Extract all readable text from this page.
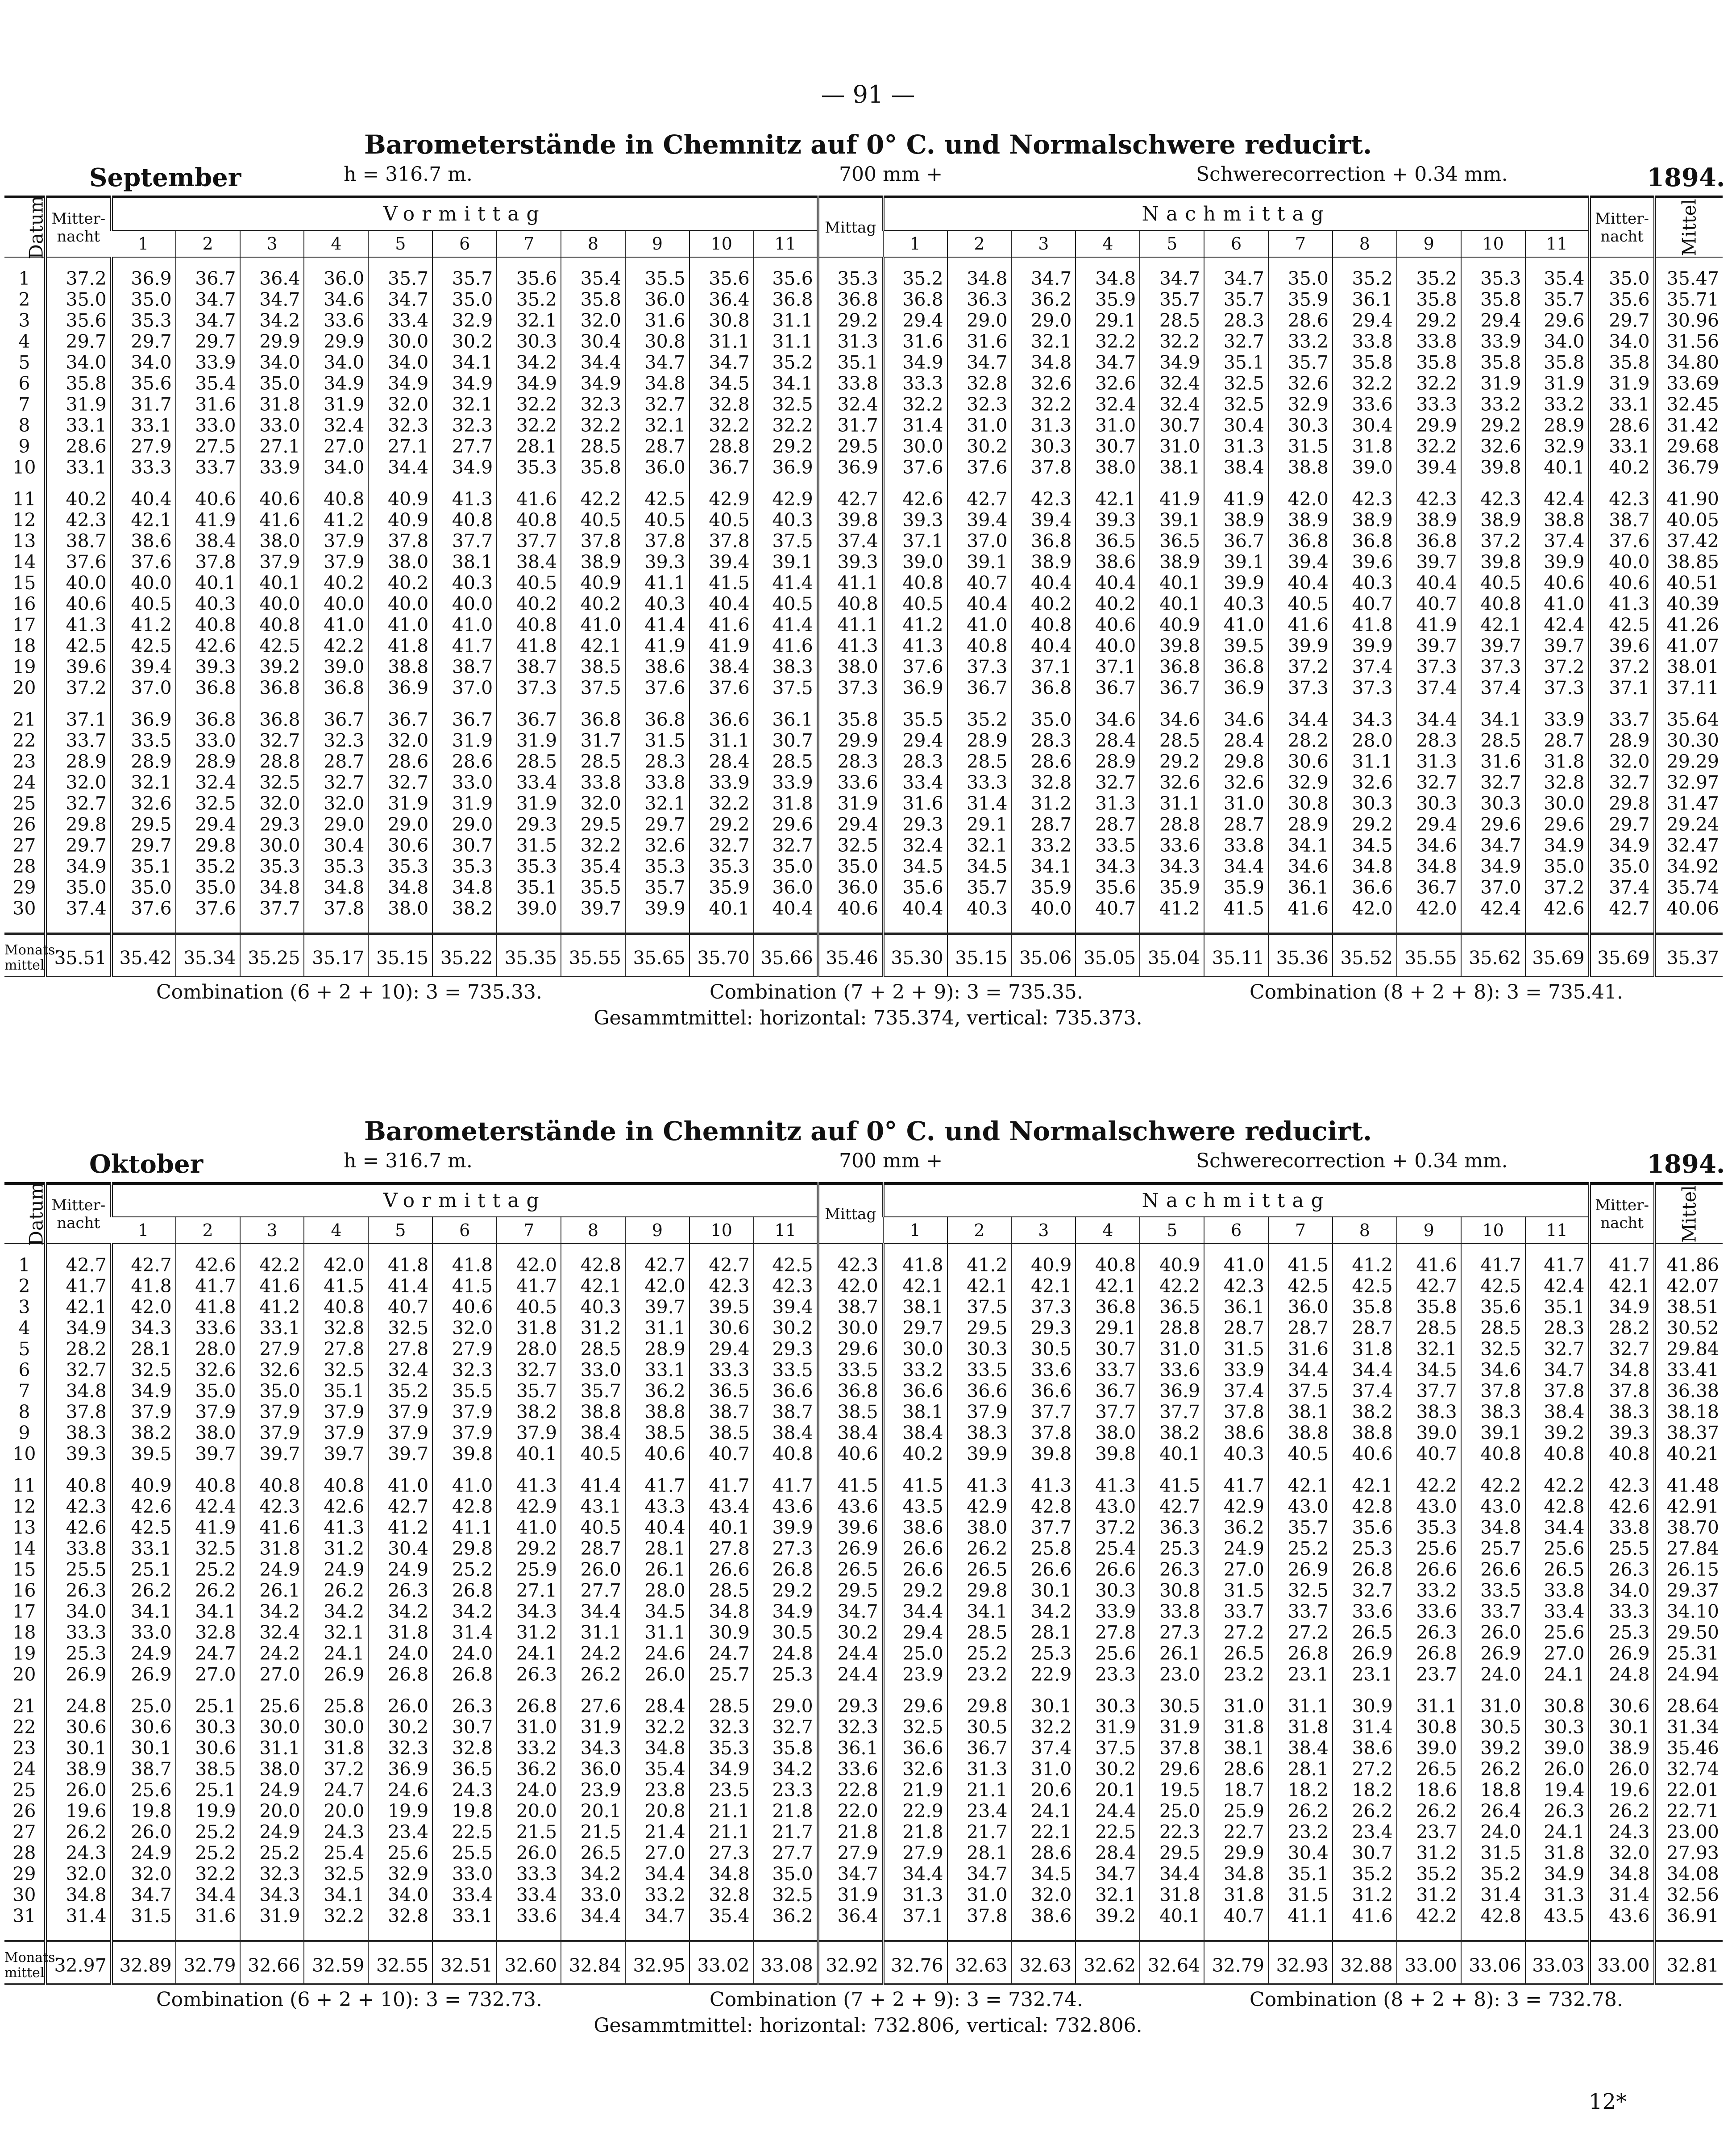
— 91 —
Barometerstände in Chemnitz auf 0° C. und Normalschwere reducirt.
September	h = 316.7 m.	700 mm +	Schwerecorrection + 0.34 mm.	1894.
Datum	Mitter-
nacht	Vormittag											Mittag	Nachmittag											Mitter-
nacht	Mittel
		1	2	3	4	5	6	7	8	9	10	11		1	2	3	4	5	6	7	8	9	10	11		
1	37.2	36.9	36.7	36.4	36.0	35.7	35.7	35.6	35.4	35.5	35.6	35.6	35.3	35.2	34.8	34.7	34.8	34.7	34.7	35.0	35.2	35.2	35.3	35.4	35.0	35.47
2	35.0	35.0	34.7	34.7	34.6	34.7	35.0	35.2	35.8	36.0	36.4	36.8	36.8	36.8	36.3	36.2	35.9	35.7	35.7	35.9	36.1	35.8	35.8	35.7	35.6	35.71
3	35.6	35.3	34.7	34.2	33.6	33.4	32.9	32.1	32.0	31.6	30.8	31.1	29.2	29.4	29.0	29.0	29.1	28.5	28.3	28.6	29.4	29.2	29.4	29.6	29.7	30.96
4	29.7	29.7	29.7	29.9	29.9	30.0	30.2	30.3	30.4	30.8	31.1	31.1	31.3	31.6	31.6	32.1	32.2	32.2	32.7	33.2	33.8	33.8	33.9	34.0	34.0	31.56
5	34.0	34.0	33.9	34.0	34.0	34.0	34.1	34.2	34.4	34.7	34.7	35.2	35.1	34.9	34.7	34.8	34.7	34.9	35.1	35.7	35.8	35.8	35.8	35.8	35.8	34.80
6	35.8	35.6	35.4	35.0	34.9	34.9	34.9	34.9	34.9	34.8	34.5	34.1	33.8	33.3	32.8	32.6	32.6	32.4	32.5	32.6	32.2	32.2	31.9	31.9	31.9	33.69
7	31.9	31.7	31.6	31.8	31.9	32.0	32.1	32.2	32.3	32.7	32.8	32.5	32.4	32.2	32.3	32.2	32.4	32.4	32.5	32.9	33.6	33.3	33.2	33.2	33.1	32.45
8	33.1	33.1	33.0	33.0	32.4	32.3	32.3	32.2	32.2	32.1	32.2	32.2	31.7	31.4	31.0	31.3	31.0	30.7	30.4	30.3	30.4	29.9	29.2	28.9	28.6	31.42
9	28.6	27.9	27.5	27.1	27.0	27.1	27.7	28.1	28.5	28.7	28.8	29.2	29.5	30.0	30.2	30.3	30.7	31.0	31.3	31.5	31.8	32.2	32.6	32.9	33.1	29.68
10	33.1	33.3	33.7	33.9	34.0	34.4	34.9	35.3	35.8	36.0	36.7	36.9	36.9	37.6	37.6	37.8	38.0	38.1	38.4	38.8	39.0	39.4	39.8	40.1	40.2	36.79
11	40.2	40.4	40.6	40.6	40.8	40.9	41.3	41.6	42.2	42.5	42.9	42.9	42.7	42.6	42.7	42.3	42.1	41.9	41.9	42.0	42.3	42.3	42.3	42.4	42.3	41.90
12	42.3	42.1	41.9	41.6	41.2	40.9	40.8	40.8	40.5	40.5	40.5	40.3	39.8	39.3	39.4	39.4	39.3	39.1	38.9	38.9	38.9	38.9	38.9	38.8	38.7	40.05
13	38.7	38.6	38.4	38.0	37.9	37.8	37.7	37.7	37.8	37.8	37.8	37.5	37.4	37.1	37.0	36.8	36.5	36.5	36.7	36.8	36.8	36.8	37.2	37.4	37.6	37.42
14	37.6	37.6	37.8	37.9	37.9	38.0	38.1	38.4	38.9	39.3	39.4	39.1	39.3	39.0	39.1	38.9	38.6	38.9	39.1	39.4	39.6	39.7	39.8	39.9	40.0	38.85
15	40.0	40.0	40.1	40.1	40.2	40.2	40.3	40.5	40.9	41.1	41.5	41.4	41.1	40.8	40.7	40.4	40.4	40.1	39.9	40.4	40.3	40.4	40.5	40.6	40.6	40.51
16	40.6	40.5	40.3	40.0	40.0	40.0	40.0	40.2	40.2	40.3	40.4	40.5	40.8	40.5	40.4	40.2	40.2	40.1	40.3	40.5	40.7	40.7	40.8	41.0	41.3	40.39
17	41.3	41.2	40.8	40.8	41.0	41.0	41.0	40.8	41.0	41.4	41.6	41.4	41.1	41.2	41.0	40.8	40.6	40.9	41.0	41.6	41.8	41.9	42.1	42.4	42.5	41.26
18	42.5	42.5	42.6	42.5	42.2	41.8	41.7	41.8	42.1	41.9	41.9	41.6	41.3	41.3	40.8	40.4	40.0	39.8	39.5	39.9	39.9	39.7	39.7	39.7	39.6	41.07
19	39.6	39.4	39.3	39.2	39.0	38.8	38.7	38.7	38.5	38.6	38.4	38.3	38.0	37.6	37.3	37.1	37.1	36.8	36.8	37.2	37.4	37.3	37.3	37.2	37.2	38.01
20	37.2	37.0	36.8	36.8	36.8	36.9	37.0	37.3	37.5	37.6	37.6	37.5	37.3	36.9	36.7	36.8	36.7	36.7	36.9	37.3	37.3	37.4	37.4	37.3	37.1	37.11
21	37.1	36.9	36.8	36.8	36.7	36.7	36.7	36.7	36.8	36.8	36.6	36.1	35.8	35.5	35.2	35.0	34.6	34.6	34.6	34.4	34.3	34.4	34.1	33.9	33.7	35.64
22	33.7	33.5	33.0	32.7	32.3	32.0	31.9	31.9	31.7	31.5	31.1	30.7	29.9	29.4	28.9	28.3	28.4	28.5	28.4	28.2	28.0	28.3	28.5	28.7	28.9	30.30
23	28.9	28.9	28.9	28.8	28.7	28.6	28.6	28.5	28.5	28.3	28.4	28.5	28.3	28.3	28.5	28.6	28.9	29.2	29.8	30.6	31.1	31.3	31.6	31.8	32.0	29.29
24	32.0	32.1	32.4	32.5	32.7	32.7	33.0	33.4	33.8	33.8	33.9	33.9	33.6	33.4	33.3	32.8	32.7	32.6	32.6	32.9	32.6	32.7	32.7	32.8	32.7	32.97
25	32.7	32.6	32.5	32.0	32.0	31.9	31.9	31.9	32.0	32.1	32.2	31.8	31.9	31.6	31.4	31.2	31.3	31.1	31.0	30.8	30.3	30.3	30.3	30.0	29.8	31.47
26	29.8	29.5	29.4	29.3	29.0	29.0	29.0	29.3	29.5	29.7	29.2	29.6	29.4	29.3	29.1	28.7	28.7	28.8	28.7	28.9	29.2	29.4	29.6	29.6	29.7	29.24
27	29.7	29.7	29.8	30.0	30.4	30.6	30.7	31.5	32.2	32.6	32.7	32.7	32.5	32.4	32.1	33.2	33.5	33.6	33.8	34.1	34.5	34.6	34.7	34.9	34.9	32.47
28	34.9	35.1	35.2	35.3	35.3	35.3	35.3	35.3	35.4	35.3	35.3	35.0	35.0	34.5	34.5	34.1	34.3	34.3	34.4	34.6	34.8	34.8	34.9	35.0	35.0	34.92
29	35.0	35.0	35.0	34.8	34.8	34.8	34.8	35.1	35.5	35.7	35.9	36.0	36.0	35.6	35.7	35.9	35.6	35.9	35.9	36.1	36.6	36.7	37.0	37.2	37.4	35.74
30	37.4	37.6	37.6	37.7	37.8	38.0	38.2	39.0	39.7	39.9	40.1	40.4	40.6	40.4	40.3	40.0	40.7	41.2	41.5	41.6	42.0	42.0	42.4	42.6	42.7	40.06
Monats-
mittel	35.51	35.42	35.34	35.25	35.17	35.15	35.22	35.35	35.55	35.65	35.70	35.66	35.46	35.30	35.15	35.06	35.05	35.04	35.11	35.36	35.52	35.55	35.62	35.69	35.69	35.37
Combination (6 + 2 + 10): 3 = 735.33.	Combination (7 + 2 + 9): 3 = 735.35.	Combination (8 + 2 + 8): 3 = 735.41.
Gesammtmittel: horizontal: 735.374, vertical: 735.373.
Barometerstände in Chemnitz auf 0° C. und Normalschwere reducirt.
Oktober	h = 316.7 m.	700 mm +	Schwerecorrection + 0.34 mm.	1894.
Datum	Mitter-
nacht	Vormittag											Mittag	Nachmittag											Mitter-
nacht	Mittel
		1	2	3	4	5	6	7	8	9	10	11		1	2	3	4	5	6	7	8	9	10	11		
1	42.7	42.7	42.6	42.2	42.0	41.8	41.8	42.0	42.8	42.7	42.7	42.5	42.3	41.8	41.2	40.9	40.8	40.9	41.0	41.5	41.2	41.6	41.7	41.7	41.7	41.86
2	41.7	41.8	41.7	41.6	41.5	41.4	41.5	41.7	42.1	42.0	42.3	42.3	42.0	42.1	42.1	42.1	42.1	42.2	42.3	42.5	42.5	42.7	42.5	42.4	42.1	42.07
3	42.1	42.0	41.8	41.2	40.8	40.7	40.6	40.5	40.3	39.7	39.5	39.4	38.7	38.1	37.5	37.3	36.8	36.5	36.1	36.0	35.8	35.8	35.6	35.1	34.9	38.51
4	34.9	34.3	33.6	33.1	32.8	32.5	32.0	31.8	31.2	31.1	30.6	30.2	30.0	29.7	29.5	29.3	29.1	28.8	28.7	28.7	28.7	28.5	28.5	28.3	28.2	30.52
5	28.2	28.1	28.0	27.9	27.8	27.8	27.9	28.0	28.5	28.9	29.4	29.3	29.6	30.0	30.3	30.5	30.7	31.0	31.5	31.6	31.8	32.1	32.5	32.7	32.7	29.84
6	32.7	32.5	32.6	32.6	32.5	32.4	32.3	32.7	33.0	33.1	33.3	33.5	33.5	33.2	33.5	33.6	33.7	33.6	33.9	34.4	34.4	34.5	34.6	34.7	34.8	33.41
7	34.8	34.9	35.0	35.0	35.1	35.2	35.5	35.7	35.7	36.2	36.5	36.6	36.8	36.6	36.6	36.6	36.7	36.9	37.4	37.5	37.4	37.7	37.8	37.8	37.8	36.38
8	37.8	37.9	37.9	37.9	37.9	37.9	37.9	38.2	38.8	38.8	38.7	38.7	38.5	38.1	37.9	37.7	37.7	37.7	37.8	38.1	38.2	38.3	38.3	38.4	38.3	38.18
9	38.3	38.2	38.0	37.9	37.9	37.9	37.9	37.9	38.4	38.5	38.5	38.4	38.4	38.4	38.3	37.8	38.0	38.2	38.6	38.8	38.8	39.0	39.1	39.2	39.3	38.37
10	39.3	39.5	39.7	39.7	39.7	39.7	39.8	40.1	40.5	40.6	40.7	40.8	40.6	40.2	39.9	39.8	39.8	40.1	40.3	40.5	40.6	40.7	40.8	40.8	40.8	40.21
11	40.8	40.9	40.8	40.8	40.8	41.0	41.0	41.3	41.4	41.7	41.7	41.7	41.5	41.5	41.3	41.3	41.3	41.5	41.7	42.1	42.1	42.2	42.2	42.2	42.3	41.48
12	42.3	42.6	42.4	42.3	42.6	42.7	42.8	42.9	43.1	43.3	43.4	43.6	43.6	43.5	42.9	42.8	43.0	42.7	42.9	43.0	42.8	43.0	43.0	42.8	42.6	42.91
13	42.6	42.5	41.9	41.6	41.3	41.2	41.1	41.0	40.5	40.4	40.1	39.9	39.6	38.6	38.0	37.7	37.2	36.3	36.2	35.7	35.6	35.3	34.8	34.4	33.8	38.70
14	33.8	33.1	32.5	31.8	31.2	30.4	29.8	29.2	28.7	28.1	27.8	27.3	26.9	26.6	26.2	25.8	25.4	25.3	24.9	25.2	25.3	25.6	25.7	25.6	25.5	27.84
15	25.5	25.1	25.2	24.9	24.9	24.9	25.2	25.9	26.0	26.1	26.6	26.8	26.5	26.6	26.5	26.6	26.6	26.3	27.0	26.9	26.8	26.6	26.6	26.5	26.3	26.15
16	26.3	26.2	26.2	26.1	26.2	26.3	26.8	27.1	27.7	28.0	28.5	29.2	29.5	29.2	29.8	30.1	30.3	30.8	31.5	32.5	32.7	33.2	33.5	33.8	34.0	29.37
17	34.0	34.1	34.1	34.2	34.2	34.2	34.2	34.3	34.4	34.5	34.8	34.9	34.7	34.4	34.1	34.2	33.9	33.8	33.7	33.7	33.6	33.6	33.7	33.4	33.3	34.10
18	33.3	33.0	32.8	32.4	32.1	31.8	31.4	31.2	31.1	31.1	30.9	30.5	30.2	29.4	28.5	28.1	27.8	27.3	27.2	27.2	26.5	26.3	26.0	25.6	25.3	29.50
19	25.3	24.9	24.7	24.2	24.1	24.0	24.0	24.1	24.2	24.6	24.7	24.8	24.4	25.0	25.2	25.3	25.6	26.1	26.5	26.8	26.9	26.8	26.9	27.0	26.9	25.31
20	26.9	26.9	27.0	27.0	26.9	26.8	26.8	26.3	26.2	26.0	25.7	25.3	24.4	23.9	23.2	22.9	23.3	23.0	23.2	23.1	23.1	23.7	24.0	24.1	24.8	24.94
21	24.8	25.0	25.1	25.6	25.8	26.0	26.3	26.8	27.6	28.4	28.5	29.0	29.3	29.6	29.8	30.1	30.3	30.5	31.0	31.1	30.9	31.1	31.0	30.8	30.6	28.64
22	30.6	30.6	30.3	30.0	30.0	30.2	30.7	31.0	31.9	32.2	32.3	32.7	32.3	32.5	30.5	32.2	31.9	31.9	31.8	31.8	31.4	30.8	30.5	30.3	30.1	31.34
23	30.1	30.1	30.6	31.1	31.8	32.3	32.8	33.2	34.3	34.8	35.3	35.8	36.1	36.6	36.7	37.4	37.5	37.8	38.1	38.4	38.6	39.0	39.2	39.0	38.9	35.46
24	38.9	38.7	38.5	38.0	37.2	36.9	36.5	36.2	36.0	35.4	34.9	34.2	33.6	32.6	31.3	31.0	30.2	29.6	28.6	28.1	27.2	26.5	26.2	26.0	26.0	32.74
25	26.0	25.6	25.1	24.9	24.7	24.6	24.3	24.0	23.9	23.8	23.5	23.3	22.8	21.9	21.1	20.6	20.1	19.5	18.7	18.2	18.2	18.6	18.8	19.4	19.6	22.01
26	19.6	19.8	19.9	20.0	20.0	19.9	19.8	20.0	20.1	20.8	21.1	21.8	22.0	22.9	23.4	24.1	24.4	25.0	25.9	26.2	26.2	26.2	26.4	26.3	26.2	22.71
27	26.2	26.0	25.2	24.9	24.3	23.4	22.5	21.5	21.5	21.4	21.1	21.7	21.8	21.8	21.7	22.1	22.5	22.3	22.7	23.2	23.4	23.7	24.0	24.1	24.3	23.00
28	24.3	24.9	25.2	25.2	25.4	25.6	25.5	26.0	26.5	27.0	27.3	27.7	27.9	27.9	28.1	28.6	28.4	29.5	29.9	30.4	30.7	31.2	31.5	31.8	32.0	27.93
29	32.0	32.0	32.2	32.3	32.5	32.9	33.0	33.3	34.2	34.4	34.8	35.0	34.7	34.4	34.7	34.5	34.7	34.4	34.8	35.1	35.2	35.2	35.2	34.9	34.8	34.08
30	34.8	34.7	34.4	34.3	34.1	34.0	33.4	33.4	33.0	33.2	32.8	32.5	31.9	31.3	31.0	32.0	32.1	31.8	31.8	31.5	31.2	31.2	31.4	31.3	31.4	32.56
31	31.4	31.5	31.6	31.9	32.2	32.8	33.1	33.6	34.4	34.7	35.4	36.2	36.4	37.1	37.8	38.6	39.2	40.1	40.7	41.1	41.6	42.2	42.8	43.5	43.6	36.91
Monats-
mittel	32.97	32.89	32.79	32.66	32.59	32.55	32.51	32.60	32.84	32.95	33.02	33.08	32.92	32.76	32.63	32.63	32.62	32.64	32.79	32.93	32.88	33.00	33.06	33.03	33.00	32.81
Combination (6 + 2 + 10): 3 = 732.73.	Combination (7 + 2 + 9): 3 = 732.74.	Combination (8 + 2 + 8): 3 = 732.78.
Gesammtmittel: horizontal: 732.806, vertical: 732.806.
12*
